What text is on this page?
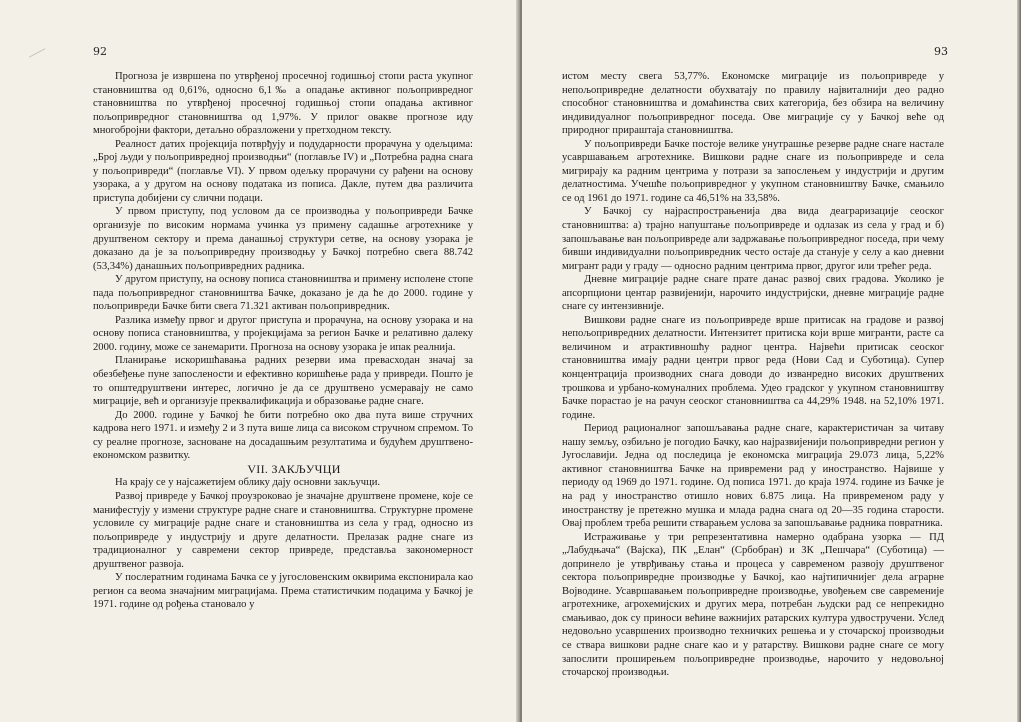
92

Прогноза је извршена по утврђеној просечној годишњој стопи раста укупног становништва од 0,61%, односно 6,1‰ а опадање активног пољопривредног становништва по утврђеној просечној годишњој стопи опадања активног пољопривредног становништва од 1,97%. У прилог овакве прогнозе иду многобројни фактори, детаљно образложени у претходном тексту.

Реалност датих пројекција потврђују и подударности прорачуна у одељцима: „Број људи у пољопривредној производњи“ (поглавље IV) и „Потребна радна снага у пољопривреди“ (поглавље VI). У првом одељку прорачуни су рађени на основу узорака, а у другом на основу података из пописа. Дакле, путем два различита приступа добијени су слични подаци.

У првом приступу, под условом да се производња у пољопривреди Бачке организује по високим нормама учинка уз примену садашње агротехнике у друштвеном сектору и према данашњој структури сетве, на основу узорака је доказано да је за пољопривредну производњу у Бачкој потребно свега 88.742 (53,34%) данашњих пољопривредних радника.

У другом приступу, на основу пописа становништва и примену исполене стопе пада пољопривредног становништва Бачке, доказано је да ће до 2000. године у пољопривреди Бачке бити свега 71.321 активан пољопривредник.

Разлика између првог и другог приступа и прорачуна, на основу узорака и на основу пописа становништва, у пројекцијама за регион Бачке и релативно далеку 2000. годину, може се занемарити. Прогноза на основу узорака је ипак реалнија.

Планирање искоришћавања радних резерви има превасходан значај за обезбеђење пуне запослености и ефективно коришћење рада у привреди. Пошто је то општедруштвени интерес, логично је да се друштвено усмеравају не само миграције, већ и организује преквалификација и образовање радне снаге.

До 2000. године у Бачкој ће бити потребно око два пута више стручних кадрова него 1971. и између 2 и 3 пута више лица са високом стручном спремом. То су реалне прогнозе, засноване на досадашњим резултатима и будућем друштвено-економском развитку.

VII. ЗАКЉУЧЦИ

На крају се у најсажетијем облику дају основни закључци.

Развој привреде у Бачкој проузроковао је значајне друштвене промене, које се манифестују у измени структуре радне снаге и становништва. Структурне промене условиле су миграције радне снаге и становништва из села у град, односно из пољопривреде у индустрију и друге делатности. Прелазак радне снаге из традиционалног у савремени сектор привреде, представља закономерност друштвеног развоја.

У послератним годинама Бачка се у југословенским оквирима експонирала као регион са веома значајним миграцијама. Према статистичким подацима у Бачкој је 1971. године од рођења становало у

93

истом месту свега 53,77%. Економске миграције из пољопривреде у непољопривредне делатности обухватају по правилу највиталнији део радно способног становништва и домаћинства свих категорија, без обзира на величину индивидуалног пољопривредног поседа. Ове миграције су у Бачкој веће од природног прираштаја становништва.

У пољопривреди Бачке постоје велике унутрашње резерве радне снаге настале усавршавањем агротехнике. Вишкови радне снаге из пољопривреде и села мигрирају ка радним центрима у потрази за запослењем у индустрији и другим делатностима. Учешће пољопривредног у укупном становништву Бачке, смањило се од 1961 до 1971. године са 46,51% на 33,58%.

У Бачкој су најраспрострањенија два вида деаграризације сеоског становништва: а) трајно напуштање пољопривреде и одлазак из села у град и б) запошљавање ван пољопривреде али задржавање пољопривредног поседа, при чему бивши индивидуални пољопривредник често остаје да станује у селу а као дневни мигрант ради у граду — односно радним центрима првог, другог или трећег реда.

Дневне миграције радне снаге прате данас развој свих градова. Уколико је апсорпциони центар развијенији, нарочито индустријски, дневне миграције радне снаге су интензивније.

Вишкови радне снаге из пољопривреде врше притисак на градове и развој непољопривредних делатности. Интензитет притиска који врше мигранти, расте са величином и атрактивношћу радног центра. Највећи притисак сеоског становништва имају радни центри првог реда (Нови Сад и Суботица). Супер концентрација производних снага доводи до изванредно високих друштвених трошкова и урбано-комуналних проблема. Удео градског у укупном становништву Бачке порастао је на рачун сеоског становништва са 44,29% 1948. на 52,10% 1971. године.

Период рационалног запошљавања радне снаге, карактеристичан за читаву нашу земљу, озбиљно је погодио Бачку, као најразвијенији пољопривредни регион у Југославији. Једна од последица је економска миграција 29.073 лица, 5,22% активног становништва Бачке на привремени рад у иностранство. Највише у периоду од 1969 до 1971. године. Од пописа 1971. до краја 1974. године из Бачке је на рад у иностранство отишло нових 6.875 лица. На привременом раду у иностранству је претежно мушка и млада радна снага од 20—35 година старости. Овај проблем треба решити стварањем услова за запошљавање радника повратника.

Истраживање у три репрезентативна намерно одабрана узорка — ПД „Лабудњача“ (Вајска), ПК „Елан“ (Србобран) и ЗК „Пешчара“ (Суботица) — допринело је утврђивању стања и процеса у савременом развоју друштвеног сектора пољопривредне производње у Бачкој, као најтипичнијег дела аграрне Војводине. Усавршавањем пољопривредне производње, увођењем све савременије агротехнике, агрохемијских и других мера, потребан људски рад се непрекидно смањивао, док су приноси већине важнијих ратарских култура удвостручени. Услед недовољно усавршених производно техничких решења и у сточарској производњи се ствара вишкови радне снаге као и у ратарству. Вишкови радне снаге се могу запослити проширењем пољопривредне производње, нарочито у недовољној сточарској производњи.
